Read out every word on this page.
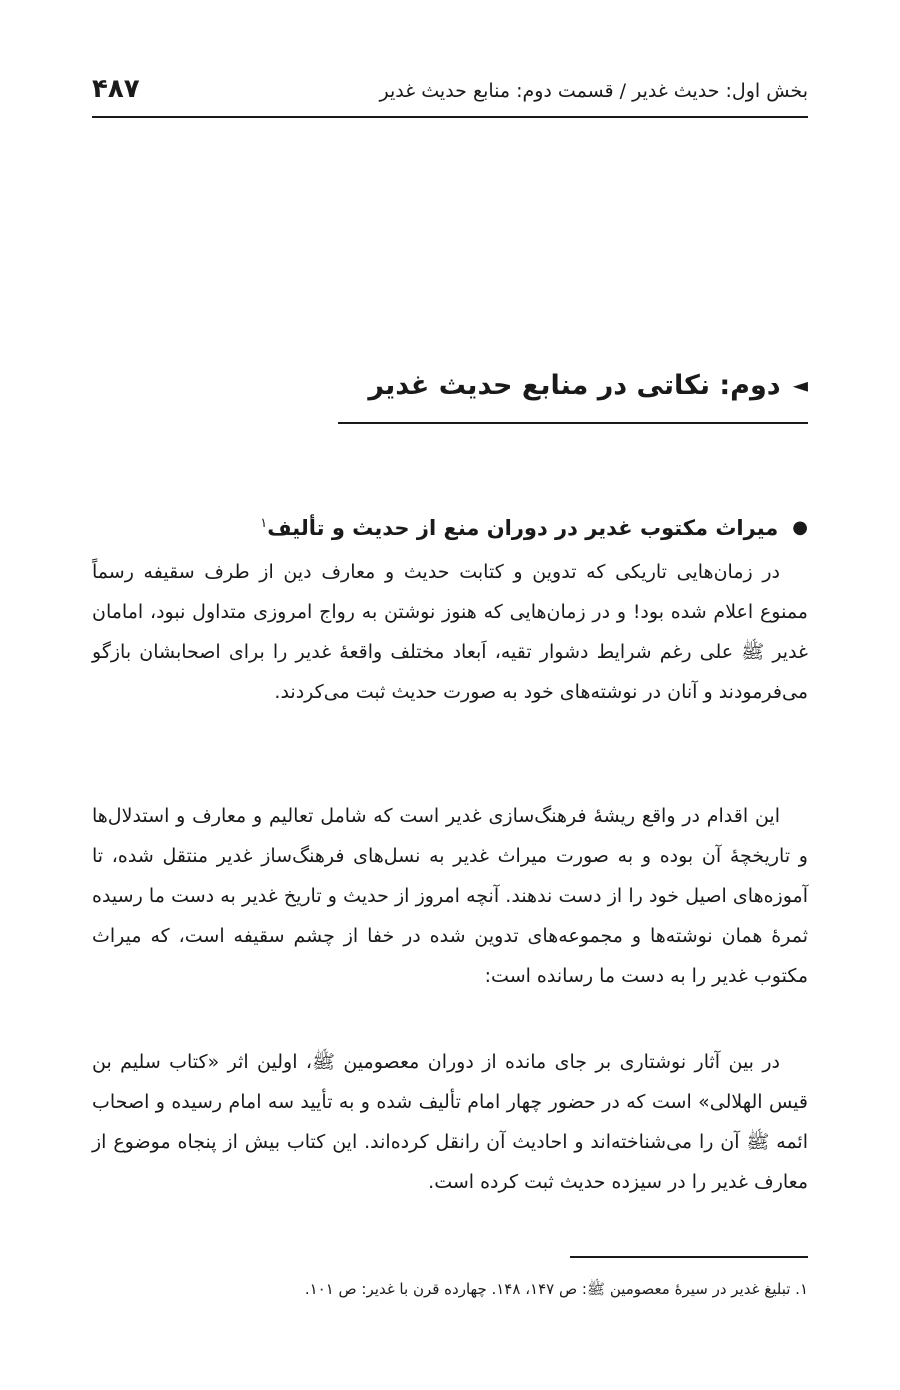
۴۸۷	بخش اول: حدیث غدیر / قسمت دوم: منابع حدیث غدیر
◄دوم: نکاتی در منابع حدیث غدیر
●میراث مکتوب غدیر در دوران منع از حدیث و تألیف$^۱$

در زمان‌هایی تاریکی که تدوین و کتابت حدیث و معارف دین از طرف سقیفه رسماً ممنوع اعلام شده بود! و در زمان‌هایی که هنوز نوشتن به رواج امروزی متداول نبود، امامان غدیر ﷺ علی رغم شرایط دشوار تقیه، اَبعاد مختلف واقعهٔ غدیر را برای اصحابشان بازگو می‌فرمودند و آنان در نوشته‌های خود به صورت حدیث ثبت می‌کردند.

این اقدام در واقع ریشهٔ فرهنگ‌سازی غدیر است که شامل تعالیم و معارف و استدلال‌ها و تاریخچهٔ آن بوده و به صورت میراث غدیر به نسل‌های فرهنگ‌ساز غدیر منتقل شده، تا آموزه‌های اصیل خود را از دست ندهند. آنچه امروز از حدیث و تاریخ غدیر به دست ما رسیده ثمرهٔ همان نوشته‌ها و مجموعه‌های تدوین شده در خفا از چشم سقیفه است، که میراث مکتوب غدیر را به دست ما رسانده است:

در بین آثار نوشتاری بر جای مانده از دوران معصومین ﷺ، اولین اثر «کتاب سلیم بن قیس الهلالی» است که در حضور چهار امام تألیف شده و به تأیید سه امام رسیده و اصحاب ائمه ﷺ آن را می‌شناخته‌اند و احادیث آن رانقل کرده‌اند. این کتاب بیش از پنجاه موضوع از معارف غدیر را در سیزده حدیث ثبت کرده است.

۱. تبلیغ غدیر در سیرهٔ معصومین ﷺ: ص ۱۴۷، ۱۴۸. چهارده قرن با غدیر: ص ۱۰۱.
